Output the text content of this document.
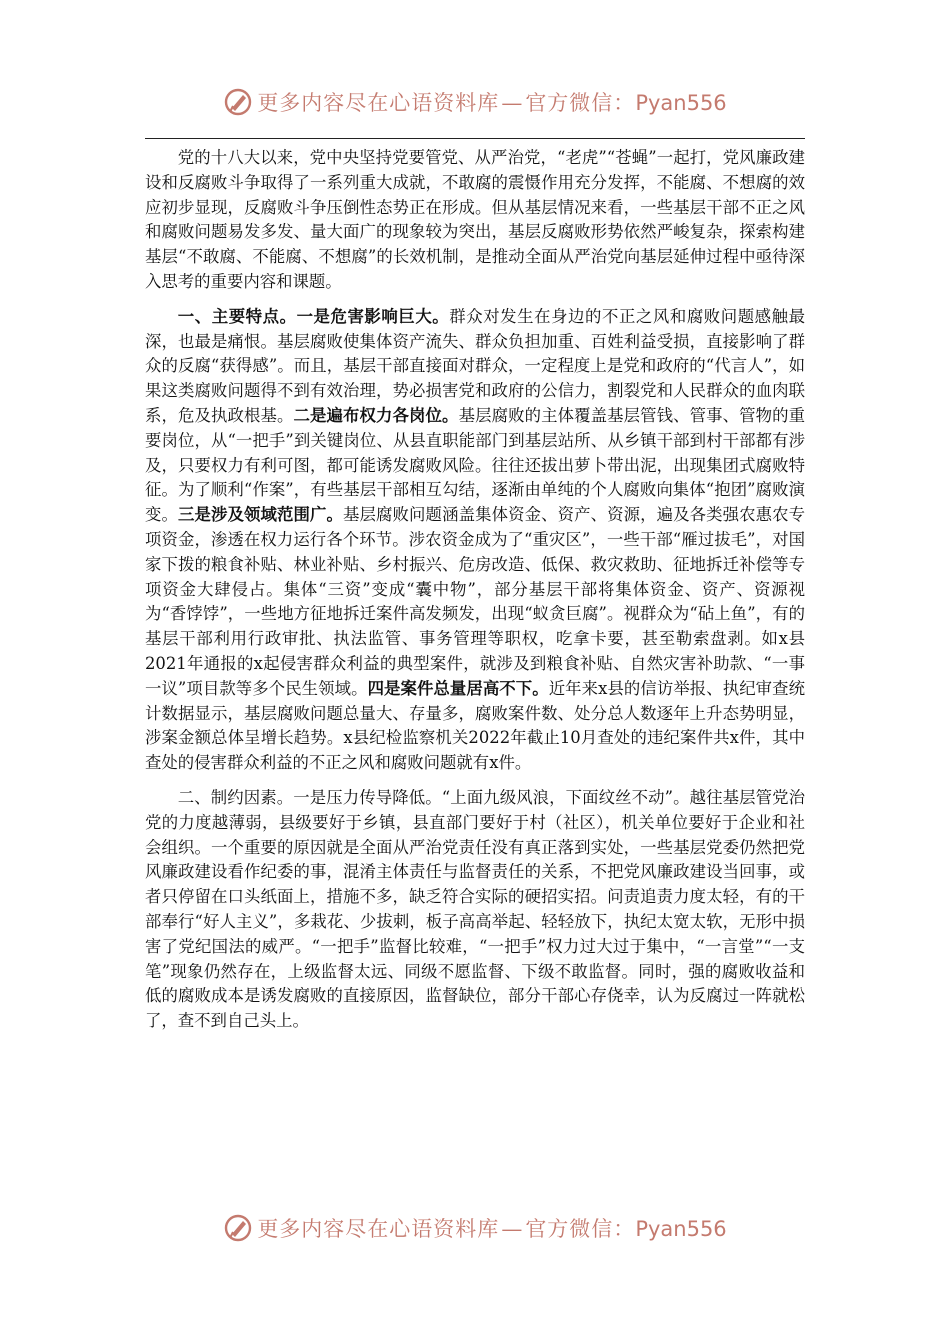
更多内容尽在心语资料库—官方微信：Pyan556

党的十八大以来，党中央坚持党要管党、从严治党，“老虎”“苍蝇”一起打，党风廉政建设和反腐败斗争取得了一系列重大成就，不敢腐的震慑作用充分发挥，不能腐、不想腐的效应初步显现，反腐败斗争压倒性态势正在形成。但从基层情况来看，一些基层干部不正之风和腐败问题易发多发、量大面广的现象较为突出，基层反腐败形势依然严峻复杂，探索构建基层“不敢腐、不能腐、不想腐”的长效机制，是推动全面从严治党向基层延伸过程中亟待深入思考的重要内容和课题。

一、主要特点。一是危害影响巨大。群众对发生在身边的不正之风和腐败问题感触最深，也最是痛恨。基层腐败使集体资产流失、群众负担加重、百姓利益受损，直接影响了群众的反腐“获得感”。而且，基层干部直接面对群众，一定程度上是党和政府的“代言人”，如果这类腐败问题得不到有效治理，势必损害党和政府的公信力，割裂党和人民群众的血肉联系，危及执政根基。二是遍布权力各岗位。基层腐败的主体覆盖基层管钱、管事、管物的重要岗位，从“一把手”到关键岗位、从县直职能部门到基层站所、从乡镇干部到村干部都有涉及，只要权力有利可图，都可能诱发腐败风险。往往还拔出萝卜带出泥，出现集团式腐败特征。为了顺利“作案”，有些基层干部相互勾结，逐渐由单纯的个人腐败向集体“抱团”腐败演变。三是涉及领域范围广。基层腐败问题涵盖集体资金、资产、资源，遍及各类强农惠农专项资金，渗透在权力运行各个环节。涉农资金成为了“重灾区”，一些干部“雁过拔毛”，对国家下拨的粮食补贴、林业补贴、乡村振兴、危房改造、低保、救灾救助、征地拆迁补偿等专项资金大肆侵占。集体“三资”变成“囊中物”，部分基层干部将集体资金、资产、资源视为“香饽饽”，一些地方征地拆迁案件高发频发，出现“蚁贪巨腐”。视群众为“砧上鱼”，有的基层干部利用行政审批、执法监管、事务管理等职权，吃拿卡要，甚至勒索盘剥。如x县2021年通报的x起侵害群众利益的典型案件，就涉及到粮食补贴、自然灾害补助款、“一事一议”项目款等多个民生领域。四是案件总量居高不下。近年来x县的信访举报、执纪审查统计数据显示，基层腐败问题总量大、存量多，腐败案件数、处分总人数逐年上升态势明显，涉案金额总体呈增长趋势。x县纪检监察机关2022年截止10月查处的违纪案件共x件，其中查处的侵害群众利益的不正之风和腐败问题就有x件。

二、制约因素。一是压力传导降低。“上面九级风浪，下面纹丝不动”。越往基层管党治党的力度越薄弱，县级要好于乡镇，县直部门要好于村（社区），机关单位要好于企业和社会组织。一个重要的原因就是全面从严治党责任没有真正落到实处，一些基层党委仍然把党风廉政建设看作纪委的事，混淆主体责任与监督责任的关系，不把党风廉政建设当回事，或者只停留在口头纸面上，措施不多，缺乏符合实际的硬招实招。问责追责力度太轻，有的干部奉行“好人主义”，多栽花、少拔刺，板子高高举起、轻轻放下，执纪太宽太软，无形中损害了党纪国法的威严。“一把手”监督比较难，“一把手”权力过大过于集中，“一言堂”“一支笔”现象仍然存在，上级监督太远、同级不愿监督、下级不敢监督。同时，强的腐败收益和低的腐败成本是诱发腐败的直接原因，监督缺位，部分干部心存侥幸，认为反腐过一阵就松了，查不到自己头上。

更多内容尽在心语资料库—官方微信：Pyan556
